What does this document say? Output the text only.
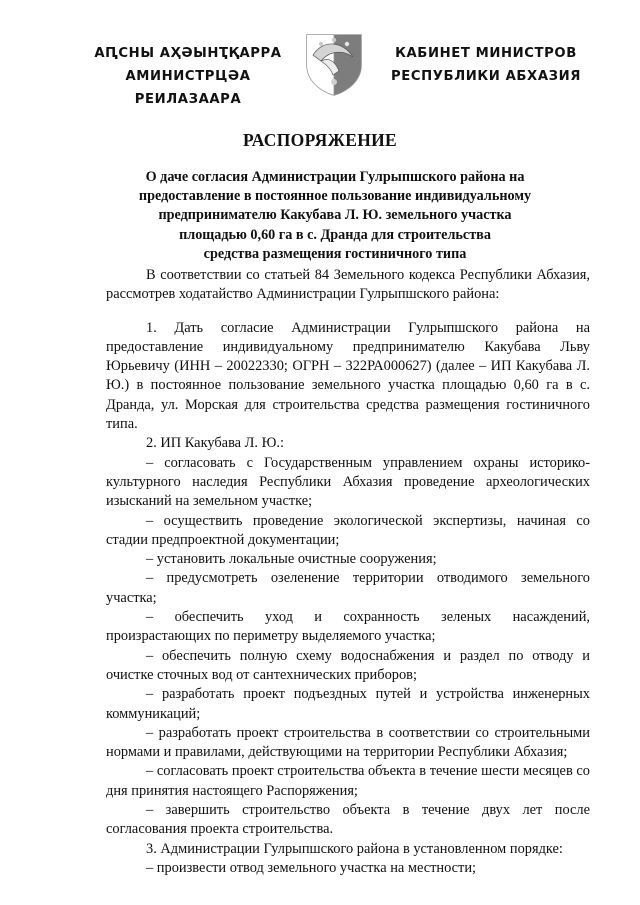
АԤСНЫ АҲӘЫНҬҚАРРА
АМИНИСТРЦӘА РЕИЛАЗААРА
КАБИНЕТ МИНИСТРОВ
РЕСПУБЛИКИ АБХАЗИЯ
РАСПОРЯЖЕНИЕ
О даче согласия Администрации Гулрыпшского района на
предоставление в постоянное пользование индивидуальному
предпринимателю Какубава Л. Ю. земельного участка
площадью 0,60 га в с. Дранда для строительства
средства размещения гостиничного типа

В соответствии со статьей 84 Земельного кодекса Республики Абхазия, рассмотрев ходатайство Администрации Гулрыпшского района:

1. Дать согласие Администрации Гулрыпшского района на предоставление индивидуальному предпринимателю Какубава Льву Юрьевичу (ИНН – 20022330; ОГРН – 322РА000627) (далее – ИП Какубава Л. Ю.) в постоянное пользование земельного участка площадью 0,60 га в с. Дранда, ул. Морская для строительства средства размещения гостиничного типа.

2. ИП Какубава Л. Ю.:

– согласовать с Государственным управлением охраны историко-культурного наследия Республики Абхазия проведение археологических изысканий на земельном участке;

– осуществить проведение экологической экспертизы, начиная со стадии предпроектной документации;

– установить локальные очистные сооружения;

– предусмотреть озеленение территории отводимого земельного участка;

– обеспечить уход и сохранность зеленых насаждений, произрастающих по периметру выделяемого участка;

– обеспечить полную схему водоснабжения и раздел по отводу и очистке сточных вод от сантехнических приборов;

– разработать проект подъездных путей и устройства инженерных коммуникаций;

– разработать проект строительства в соответствии со строительными нормами и правилами, действующими на территории Республики Абхазия;

– согласовать проект строительства объекта в течение шести месяцев со дня принятия настоящего Распоряжения;

– завершить строительство объекта в течение двух лет после согласования проекта строительства.

3. Администрации Гулрыпшского района в установленном порядке:

– произвести отвод земельного участка на местности;
